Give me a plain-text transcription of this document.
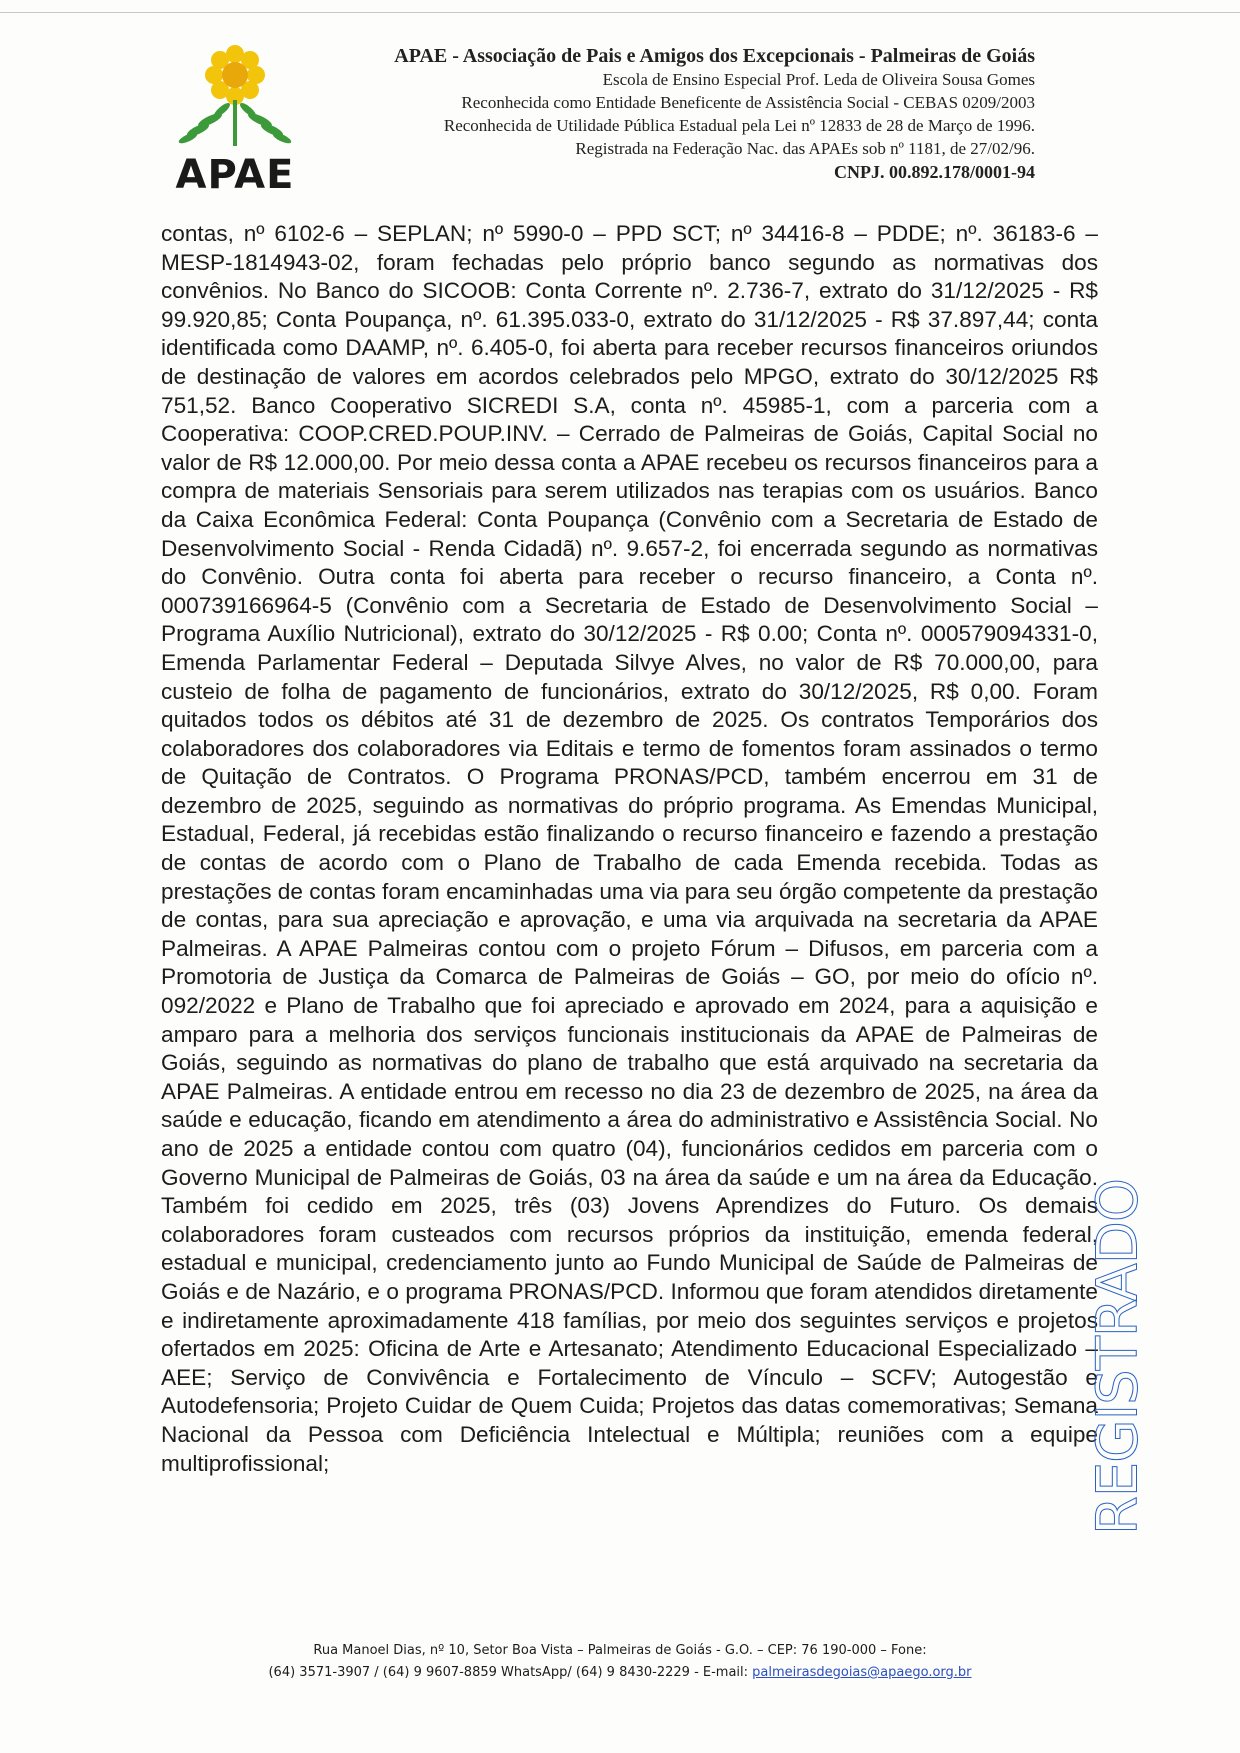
APAE
APAE - Associação de Pais e Amigos dos Excepcionais - Palmeiras de Goiás
Escola de Ensino Especial Prof. Leda de Oliveira Sousa Gomes
Reconhecida como Entidade Beneficente de Assistência Social - CEBAS 0209/2003
Reconhecida de Utilidade Pública Estadual pela Lei nº 12833 de 28 de Março de 1996.
Registrada na Federação Nac. das APAEs sob nº 1181, de 27/02/96.
CNPJ. 00.892.178/0001-94

contas, nº 6102-6 – SEPLAN; nº 5990-0 – PPD SCT; nº 34416-8 – PDDE; nº. 36183-6 – MESP-1814943-02, foram fechadas pelo próprio banco segundo as normativas dos convênios. No Banco do SICOOB: Conta Corrente nº. 2.736-7, extrato do 31/12/2025 - R$ 99.920,85; Conta Poupança, nº. 61.395.033-0, extrato do 31/12/2025 - R$ 37.897,44; conta identificada como DAAMP, nº. 6.405-0, foi aberta para receber recursos financeiros oriundos de destinação de valores em acordos celebrados pelo MPGO, extrato do 30/12/2025 R$ 751,52. Banco Cooperativo SICREDI S.A, conta nº. 45985-1, com a parceria com a Cooperativa: COOP.CRED.POUP.INV. – Cerrado de Palmeiras de Goiás, Capital Social no valor de R$ 12.000,00. Por meio dessa conta a APAE recebeu os recursos financeiros para a compra de materiais Sensoriais para serem utilizados nas terapias com os usuários. Banco da Caixa Econômica Federal: Conta Poupança (Convênio com a Secretaria de Estado de Desenvolvimento Social - Renda Cidadã) nº. 9.657-2, foi encerrada segundo as normativas do Convênio. Outra conta foi aberta para receber o recurso financeiro, a Conta nº. 000739166964-5 (Convênio com a Secretaria de Estado de Desenvolvimento Social – Programa Auxílio Nutricional), extrato do 30/12/2025 - R$ 0.00; Conta nº. 000579094331-0, Emenda Parlamentar Federal – Deputada Silvye Alves, no valor de R$ 70.000,00, para custeio de folha de pagamento de funcionários, extrato do 30/12/2025, R$ 0,00. Foram quitados todos os débitos até 31 de dezembro de 2025. Os contratos Temporários dos colaboradores dos colaboradores via Editais e termo de fomentos foram assinados o termo de Quitação de Contratos. O Programa PRONAS/PCD, também encerrou em 31 de dezembro de 2025, seguindo as normativas do próprio programa. As Emendas Municipal, Estadual, Federal, já recebidas estão finalizando o recurso financeiro e fazendo a prestação de contas de acordo com o Plano de Trabalho de cada Emenda recebida. Todas as prestações de contas foram encaminhadas uma via para seu órgão competente da prestação de contas, para sua apreciação e aprovação, e uma via arquivada na secretaria da APAE Palmeiras. A APAE Palmeiras contou com o projeto Fórum – Difusos, em parceria com a Promotoria de Justiça da Comarca de Palmeiras de Goiás – GO, por meio do ofício nº. 092/2022 e Plano de Trabalho que foi apreciado e aprovado em 2024, para a aquisição e amparo para a melhoria dos serviços funcionais institucionais da APAE de Palmeiras de Goiás, seguindo as normativas do plano de trabalho que está arquivado na secretaria da APAE Palmeiras. A entidade entrou em recesso no dia 23 de dezembro de 2025, na área da saúde e educação, ficando em atendimento a área do administrativo e Assistência Social. No ano de 2025 a entidade contou com quatro (04), funcionários cedidos em parceria com o Governo Municipal de Palmeiras de Goiás, 03 na área da saúde e um na área da Educação. Também foi cedido em 2025, três (03) Jovens Aprendizes do Futuro. Os demais colaboradores foram custeados com recursos próprios da instituição, emenda federal, estadual e municipal, credenciamento junto ao Fundo Municipal de Saúde de Palmeiras de Goiás e de Nazário, e o programa PRONAS/PCD. Informou que foram atendidos diretamente e indiretamente aproximadamente 418 famílias, por meio dos seguintes serviços e projetos ofertados em 2025: Oficina de Arte e Artesanato; Atendimento Educacional Especializado – AEE; Serviço de Convivência e Fortalecimento de Vínculo – SCFV; Autogestão e Autodefensoria; Projeto Cuidar de Quem Cuida; Projetos das datas comemorativas; Semana Nacional da Pessoa com Deficiência Intelectual e Múltipla; reuniões com a equipe multiprofissional;	REGISTRADO
Rua Manoel Dias, nº 10, Setor Boa Vista – Palmeiras de Goiás - G.O. – CEP: 76 190-000 – Fone:
(64) 3571-3907 / (64) 9 9607-8859 WhatsApp/ (64) 9 8430-2229 - E-mail: palmeirasdegoias@apaego.org.br
